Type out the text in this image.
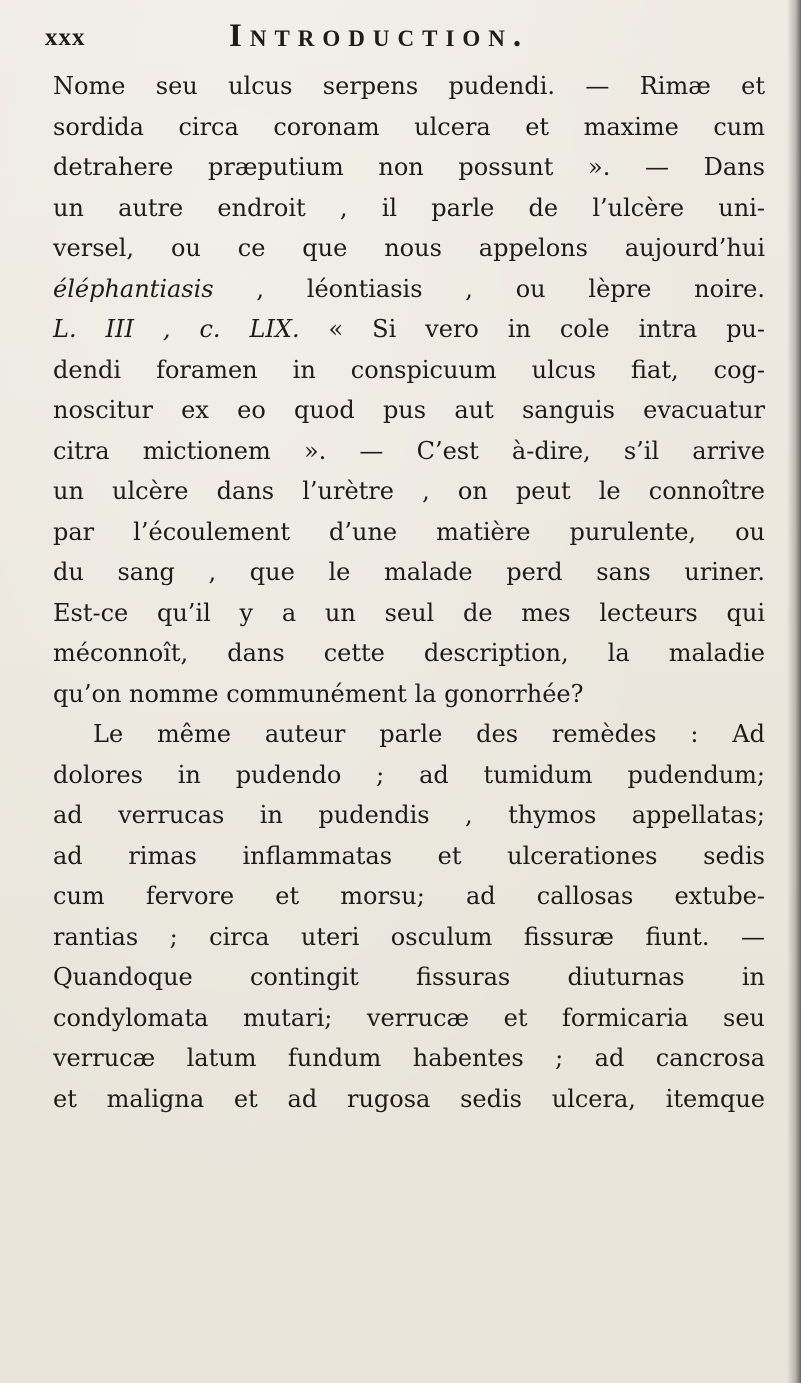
xxx	Introduction.
Nome seu ulcus serpens pudendi. — Rimæ et
sordida circa coronam ulcera et maxime cum
detrahere præputium non possunt ». — Dans
un autre endroit , il parle de l’ulcère uni-
versel, ou ce que nous appelons aujourd’hui
éléphantiasis , léontiasis , ou lèpre noire.
L. III , c. LIX. « Si vero in cole intra pu-
dendi foramen in conspicuum ulcus fiat, cog-
noscitur ex eo quod pus aut sanguis evacuatur
citra mictionem ». — C’est à-dire, s’il arrive
un ulcère dans l’urètre , on peut le connoître
par l’écoulement d’une matière purulente, ou
du sang , que le malade perd sans uriner.
Est-ce qu’il y a un seul de mes lecteurs qui
méconnoît, dans cette description, la maladie
qu’on nomme communément la gonorrhée?
Le même auteur parle des remèdes : Ad
dolores in pudendo ; ad tumidum pudendum;
ad verrucas in pudendis , thymos appellatas;
ad rimas inflammatas et ulcerationes sedis
cum fervore et morsu; ad callosas extube-
rantias ; circa uteri osculum fissuræ fiunt. —
Quandoque contingit fissuras diuturnas in
condylomata mutari; verrucæ et formicaria seu
verrucæ latum fundum habentes ; ad cancrosa
et maligna et ad rugosa sedis ulcera, itemque
